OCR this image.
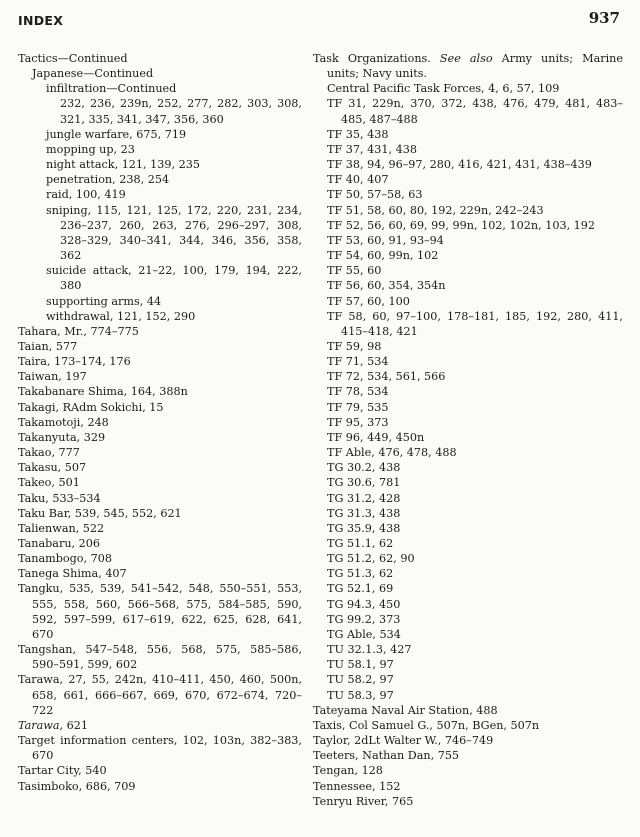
INDEX	937
Tactics—Continued
Japanese—Continued
infiltration—Continued
232, 236, 239n, 252, 277, 282, 303, 308, 321, 335, 341, 347, 356, 360
jungle warfare, 675, 719
mopping up, 23
night attack, 121, 139, 235
penetration, 238, 254
raid, 100, 419
sniping, 115, 121, 125, 172, 220, 231, 234, 236–237, 260, 263, 276, 296–297, 308, 328–329, 340–341, 344, 346, 356, 358, 362
suicide attack, 21–22, 100, 179, 194, 222, 380
supporting arms, 44
withdrawal, 121, 152, 290
Tahara, Mr., 774–775
Taian, 577
Taira, 173–174, 176
Taiwan, 197
Takabanare Shima, 164, 388n
Takagi, RAdm Sokichi, 15
Takamotoji, 248
Takanyuta, 329
Takao, 777
Takasu, 507
Takeo, 501
Taku, 533–534
Taku Bar, 539, 545, 552, 621
Talienwan, 522
Tanabaru, 206
Tanambogo, 708
Tanega Shima, 407
Tangku, 535, 539, 541–542, 548, 550–551, 553, 555, 558, 560, 566–568, 575, 584–585, 590, 592, 597–599, 617–619, 622, 625, 628, 641, 670
Tangshan, 547–548, 556, 568, 575, 585–586, 590–591, 599, 602
Tarawa, 27, 55, 242n, 410–411, 450, 460, 500n, 658, 661, 666–667, 669, 670, 672–674, 720–722
Tarawa, 621
Target information centers, 102, 103n, 382–383, 670
Tartar City, 540
Tasimboko, 686, 709
Task Organizations. See also Army units; Marine units; Navy units.
Central Pacific Task Forces, 4, 6, 57, 109
TF 31, 229n, 370, 372, 438, 476, 479, 481, 483–485, 487–488
TF 35, 438
TF 37, 431, 438
TF 38, 94, 96–97, 280, 416, 421, 431, 438–439
TF 40, 407
TF 50, 57–58, 63
TF 51, 58, 60, 80, 192, 229n, 242–243
TF 52, 56, 60, 69, 99, 99n, 102, 102n, 103, 192
TF 53, 60, 91, 93–94
TF 54, 60, 99n, 102
TF 55, 60
TF 56, 60, 354, 354n
TF 57, 60, 100
TF 58, 60, 97–100, 178–181, 185, 192, 280, 411, 415–418, 421
TF 59, 98
TF 71, 534
TF 72, 534, 561, 566
TF 78, 534
TF 79, 535
TF 95, 373
TF 96, 449, 450n
TF Able, 476, 478, 488
TG 30.2, 438
TG 30.6, 781
TG 31.2, 428
TG 31.3, 438
TG 35.9, 438
TG 51.1, 62
TG 51.2, 62, 90
TG 51.3, 62
TG 52.1, 69
TG 94.3, 450
TG 99.2, 373
TG Able, 534
TU 32.1.3, 427
TU 58.1, 97
TU 58.2, 97
TU 58.3, 97
Tateyama Naval Air Station, 488
Taxis, Col Samuel G., 507n, BGen, 507n
Taylor, 2dLt Walter W., 746–749
Teeters, Nathan Dan, 755
Tengan, 128
Tennessee, 152
Tenryu River, 765
